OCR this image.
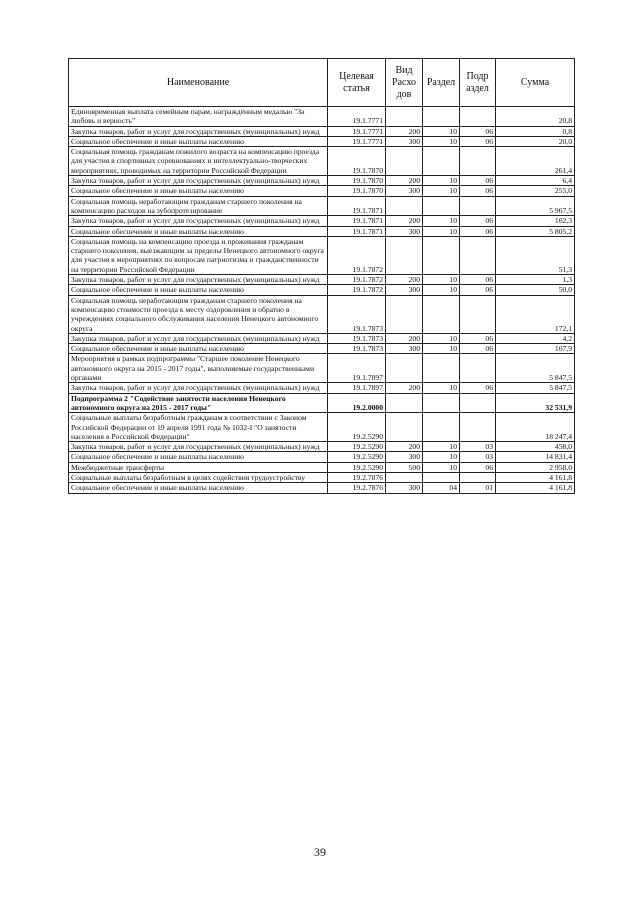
Наименование	Целевая статья	Вид Расхо дов	Раздел	Подр аздел	Сумма
Единовременная выплата семейным парам, награждённым медалью "За любовь и верность"	19.1.7771				20,8
Закупка товаров, работ и услуг для государственных (муниципальных) нужд	19.1.7771	200	10	06	0,8
Социальное обеспечение и иные выплаты населению	19.1.7771	300	10	06	20,0
Социальная помощь гражданам пожилого возраста на компенсацию проезда для участия в спортивных соревнованиях и интеллектуально-творческих мероприятиях, проводимых на территории Российской Федерации	19.1.7870				261,4
Закупка товаров, работ и услуг для государственных (муниципальных) нужд	19.1.7870	200	10	06	6,4
Социальное обеспечение и иные выплаты населению	19.1.7870	300	10	06	255,0
Социальная помощь неработающим гражданам старшего поколения на компенсацию расходов на зубопротезирование	19.1.7871				5 967,5
Закупка товаров, работ и услуг для государственных (муниципальных) нужд	19.1.7871	200	10	06	162,3
Социальное обеспечение и иные выплаты населению	19.1.7871	300	10	06	5 805,2
Социальная помощь на компенсацию проезда и проживания гражданам старшего поколения, выезжающим за пределы Ненецкого автономного округа для участия в мероприятиях по вопросам патриотизма и гражданственности на территории Российской Федерации	19.1.7872				51,3
Закупка товаров, работ и услуг для государственных (муниципальных) нужд	19.1.7872	200	10	06	1,3
Социальное обеспечение и иные выплаты населению	19.1.7872	300	10	06	50,0
Социальная помощь неработающим гражданам старшего поколения на компенсацию стоимости проезда к месту оздоровления и обратно в учреждениях социального обслуживания населения Ненецкого автономного округа	19.1.7873				172,1
Закупка товаров, работ и услуг для государственных (муниципальных) нужд	19.1.7873	200	10	06	4,2
Социальное обеспечение и иные выплаты населению	19.1.7873	300	10	06	167,9
Мероприятия в рамках подпрограммы "Старшее поколение Ненецкого автономного округа на 2015 - 2017 годы", выполняемые государственными органами	19.1.7897				5 847,5
Закупка товаров, работ и услуг для государственных (муниципальных) нужд	19.1.7897	200	10	06	5 847,5
Подпрограмма 2 "Содействие занятости населения Ненецкого автономного округа на 2015 - 2017 годы"	19.2.0000				32 531,9
Социальные выплаты безработным гражданам в соответствии с Законом Российской Федерации от 19 апреля 1991 года № 1032-I "О занятости населения в Российской Федерации"	19.2.5290				18 247,4
Закупка товаров, работ и услуг для государственных (муниципальных) нужд	19.2.5290	200	10	03	458,0
Социальное обеспечение и иные выплаты населению	19.2.5290	300	10	03	14 831,4
Межбюджетные трансферты	19.2.5290	500	10	06	2 958,0
Социальные выплаты безработным в целях содействия трудоустройству	19.2.7876				4 161,8
Социальное обеспечение и иные выплаты населению	19.2.7876	300	04	01	4 161,8
39
